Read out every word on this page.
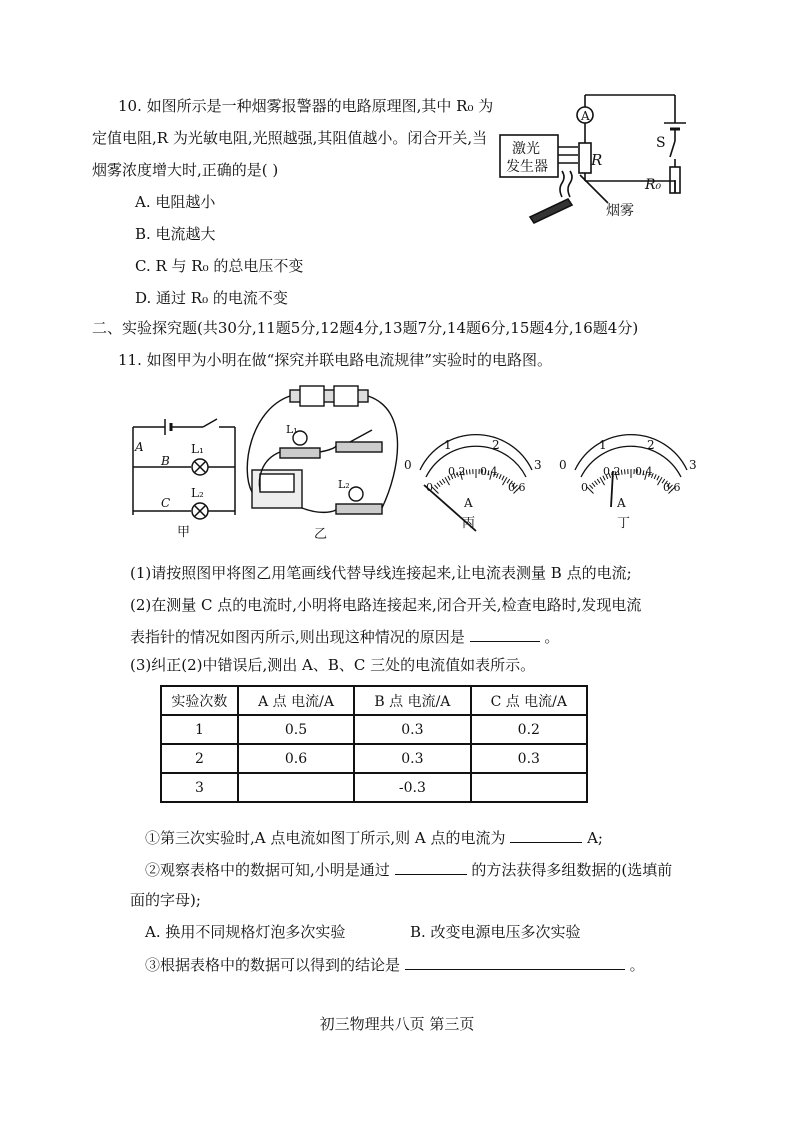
10. 如图所示是一种烟雾报警器的电路原理图,其中 R₀ 为
定值电阻,R 为光敏电阻,光照越强,其阻值越小。闭合开关,当
烟雾浓度增大时,正确的是( )
A. 电阻越小
B. 电流越大
C. R 与 R₀ 的总电压不变
D. 通过 R₀ 的电流不变
A
S
R
R₀
激光
发生器
烟雾
二、实验探究题(共30分,11题5分,12题4分,13题7分,14题6分,15题4分,16题4分)
11. 如图甲为小明在做“探究并联电路电流规律”实验时的电路图。
A
B
C
L₁
L₂
甲
L₁
L₂
乙
0
1	2
3
0
0.2 0.4
0.6
A
丙
0
1	2
3
0
0.2 0.4
0.6
A
丁
(1)请按照图甲将图乙用笔画线代替导线连接起来,让电流表测量 B 点的电流;
(2)在测量 C 点的电流时,小明将电路连接起来,闭合开关,检查电路时,发现电流
表指针的情况如图丙所示,则出现这种情况的原因是	。
(3)纠正(2)中错误后,测出 A、B、C 三处的电流值如表所示。
实验次数	A 点 电流/A	B 点 电流/A	C 点 电流/A
1	0.5	0.3	0.2
2	0.6	0.3	0.3
3		-0.3	
①第三次实验时,A 点电流如图丁所示,则 A 点的电流为	A;
②观察表格中的数据可知,小明是通过	的方法获得多组数据的(选填前
面的字母);
A. 换用不同规格灯泡多次实验	B. 改变电源电压多次实验
③根据表格中的数据可以得到的结论是	。
初三物理共八页 第三页
